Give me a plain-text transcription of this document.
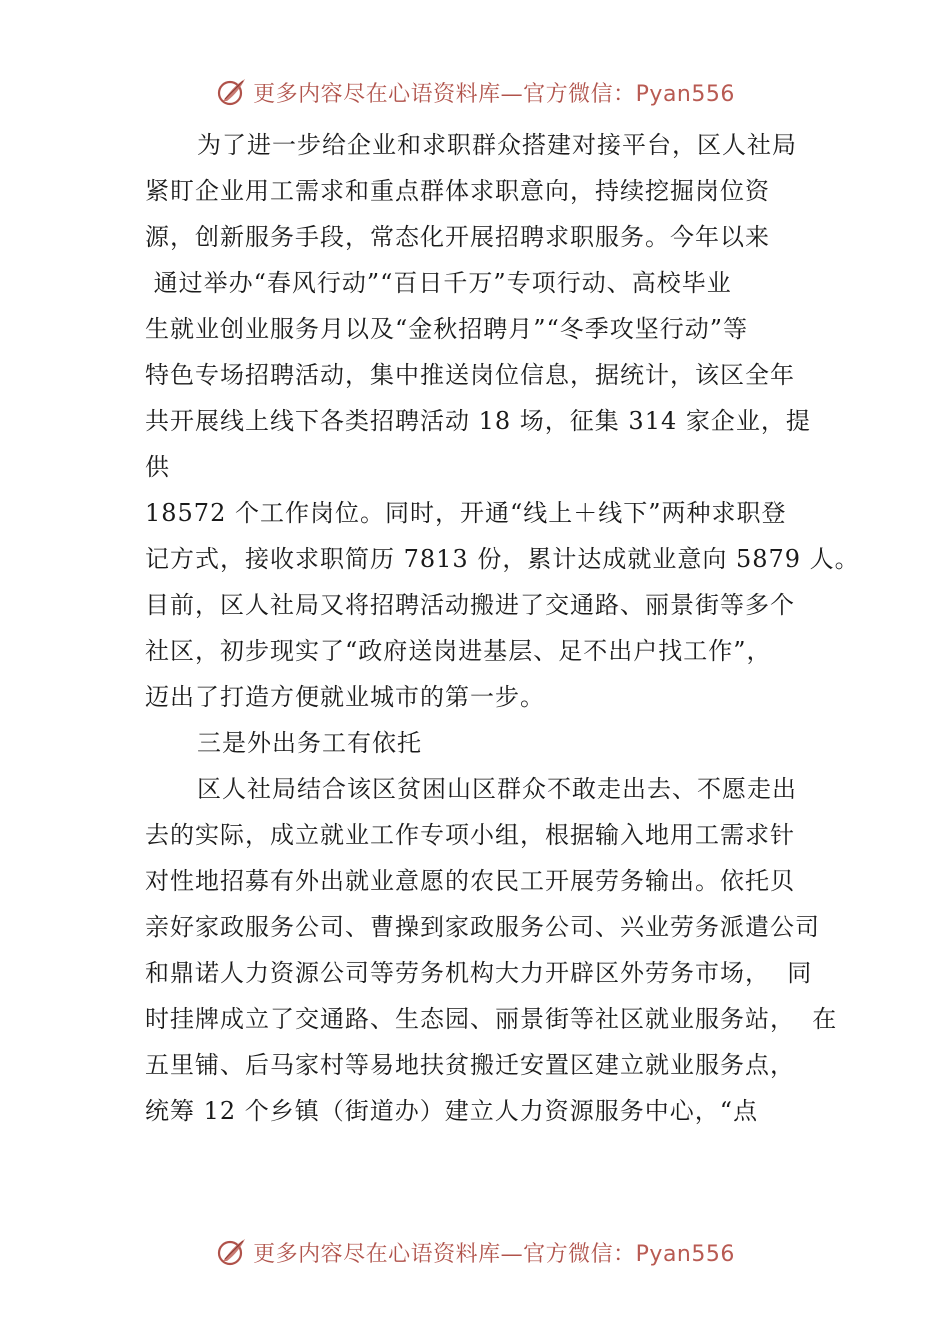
更多内容尽在心语资料库—官方微信：Pyan556
为了进一步给企业和求职群众搭建对接平台，区人社局
紧盯企业用工需求和重点群体求职意向，持续挖掘岗位资
源，创新服务手段，常态化开展招聘求职服务。今年以来
通过举办“春风行动”“百日千万”专项行动、高校毕业
生就业创业服务月以及“金秋招聘月”“冬季攻坚行动”等
特色专场招聘活动，集中推送岗位信息，据统计，该区全年
共开展线上线下各类招聘活动 18 场，征集 314 家企业，提
供
18572 个工作岗位。同时，开通“线上＋线下”两种求职登
记方式，接收求职简历 7813 份，累计达成就业意向 5879 人。
目前，区人社局又将招聘活动搬进了交通路、丽景街等多个
社区，初步现实了“政府送岗进基层、足不出户找工作”，
迈出了打造方便就业城市的第一步。
三是外出务工有依托
区人社局结合该区贫困山区群众不敢走出去、不愿走出
去的实际，成立就业工作专项小组，根据输入地用工需求针
对性地招募有外出就业意愿的农民工开展劳务输出。依托贝
亲好家政服务公司、曹操到家政服务公司、兴业劳务派遣公司
和鼎诺人力资源公司等劳务机构大力开辟区外劳务市场，  同
时挂牌成立了交通路、生态园、丽景街等社区就业服务站，  在
五里铺、后马家村等易地扶贫搬迁安置区建立就业服务点，
统筹 12 个乡镇（街道办）建立人力资源服务中心，“点
更多内容尽在心语资料库—官方微信：Pyan556
